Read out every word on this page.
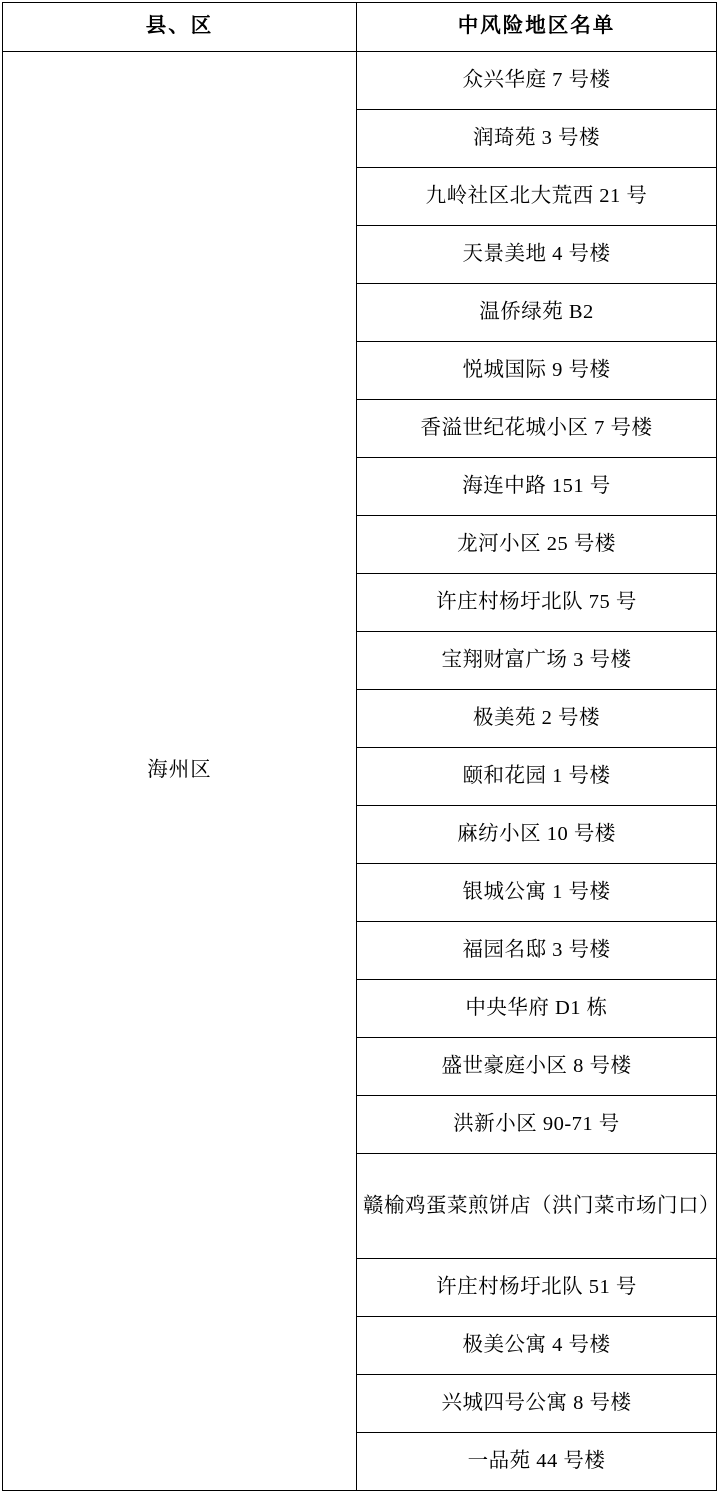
县、区	中风险地区名单
海州区	众兴华庭 7 号楼
	润琦苑 3 号楼
	九岭社区北大荒西 21 号
	天景美地 4 号楼
	温侨绿苑 B2
	悦城国际 9 号楼
	香溢世纪花城小区 7 号楼
	海连中路 151 号
	龙河小区 25 号楼
	许庄村杨圩北队 75 号
	宝翔财富广场 3 号楼
	极美苑 2 号楼
	颐和花园 1 号楼
	麻纺小区 10 号楼
	银城公寓 1 号楼
	福园名邸 3 号楼
	中央华府 D1 栋
	盛世豪庭小区 8 号楼
	洪新小区 90-71 号
	赣榆鸡蛋菜煎饼店（洪门菜市场门口）
	许庄村杨圩北队 51 号
	极美公寓 4 号楼
	兴城四号公寓 8 号楼
	一品苑 44 号楼
